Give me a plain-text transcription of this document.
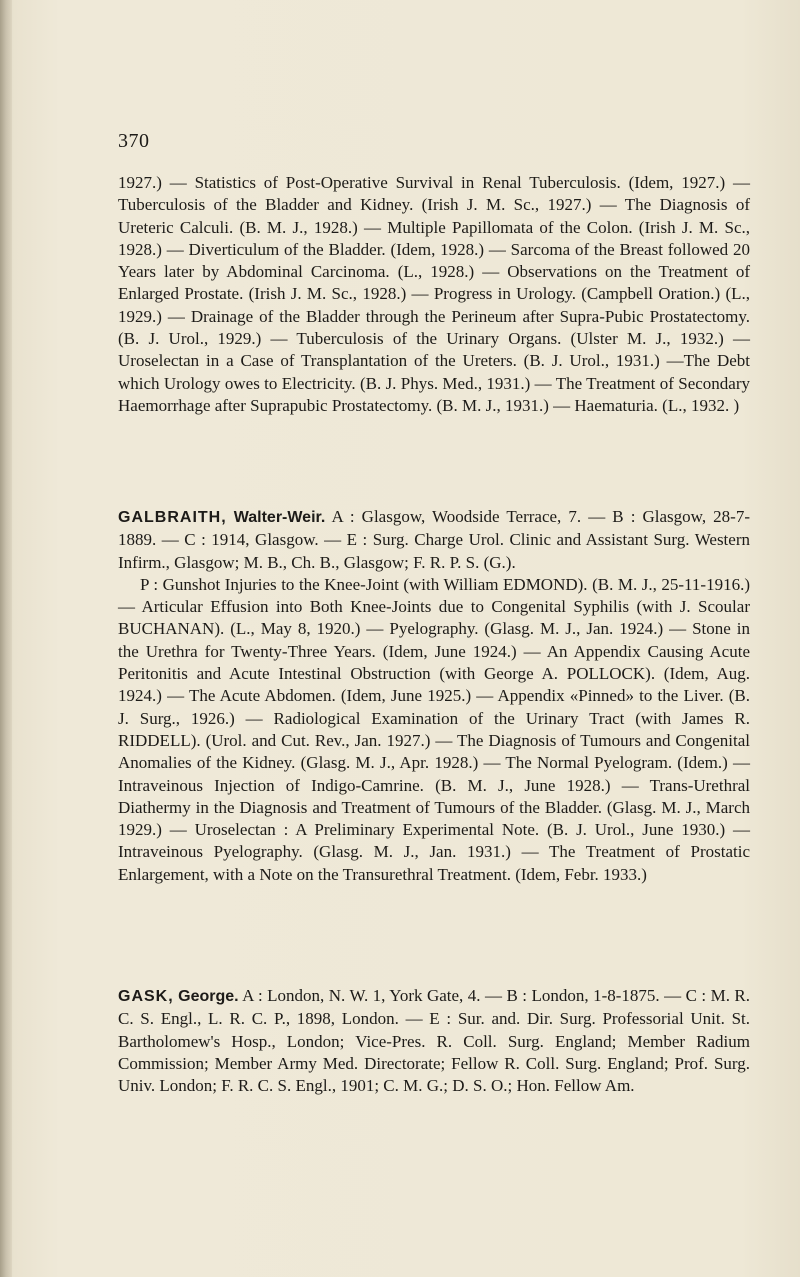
370

1927.) — Statistics of Post-Operative Survival in Renal Tuberculosis. (Idem, 1927.) — Tuberculosis of the Bladder and Kidney. (Irish J. M. Sc., 1927.) — The Diagnosis of Ureteric Calculi. (B. M. J., 1928.) — Multiple Papillomata of the Colon. (Irish J. M. Sc., 1928.) — Diverticulum of the Bladder. (Idem, 1928.) — Sarcoma of the Breast followed 20 Years later by Abdominal Carcinoma. (L., 1928.) — Observations on the Treatment of Enlarged Prostate. (Irish J. M. Sc., 1928.) — Progress in Urology. (Campbell Oration.) (L., 1929.) — Drainage of the Bladder through the Perineum after Supra-Pubic Prostatectomy. (B. J. Urol., 1929.) — Tuberculosis of the Urinary Organs. (Ulster M. J., 1932.) —Uroselectan in a Case of Transplantation of the Ureters. (B. J. Urol., 1931.) —The Debt which Urology owes to Electricity. (B. J. Phys. Med., 1931.) — The Treatment of Secondary Haemorrhage after Suprapubic Prostatectomy. (B. M. J., 1931.) — Haematuria. (L., 1932. )

GALBRAITH, Walter-Weir. A : Glasgow, Woodside Terrace, 7. — B : Glasgow, 28-7-1889. — C : 1914, Glasgow. — E : Surg. Charge Urol. Clinic and Assistant Surg. Western Infirm., Glasgow; M. B., Ch. B., Glasgow; F. R. P. S. (G.).

P : Gunshot Injuries to the Knee-Joint (with William EDMOND). (B. M. J., 25-11-1916.) — Articular Effusion into Both Knee-Joints due to Congenital Syphilis (with J. Scoular BUCHANAN). (L., May 8, 1920.) — Pyelography. (Glasg. M. J., Jan. 1924.) — Stone in the Urethra for Twenty-Three Years. (Idem, June 1924.) — An Appendix Causing Acute Peritonitis and Acute Intestinal Obstruction (with George A. POLLOCK). (Idem, Aug. 1924.) — The Acute Abdomen. (Idem, June 1925.) — Appendix «Pinned» to the Liver. (B. J. Surg., 1926.) — Radiological Examination of the Urinary Tract (with James R. RIDDELL). (Urol. and Cut. Rev., Jan. 1927.) — The Diagnosis of Tumours and Congenital Anomalies of the Kidney. (Glasg. M. J., Apr. 1928.) — The Normal Pyelogram. (Idem.) — Intraveinous Injection of Indigo-Camrine. (B. M. J., June 1928.) — Trans-Urethral Diathermy in the Diagnosis and Treatment of Tumours of the Bladder. (Glasg. M. J., March 1929.) — Uroselectan : A Preliminary Experimental Note. (B. J. Urol., June 1930.) — Intraveinous Pyelography. (Glasg. M. J., Jan. 1931.) — The Treatment of Prostatic Enlargement, with a Note on the Transurethral Treatment. (Idem, Febr. 1933.)

GASK, George. A : London, N. W. 1, York Gate, 4. — B : London, 1-8-1875. — C : M. R. C. S. Engl., L. R. C. P., 1898, London. — E : Sur. and. Dir. Surg. Professorial Unit. St. Bartholomew's Hosp., London; Vice-Pres. R. Coll. Surg. England; Member Radium Commission; Member Army Med. Directorate; Fellow R. Coll. Surg. England; Prof. Surg. Univ. London; F. R. C. S. Engl., 1901; C. M. G.; D. S. O.; Hon. Fellow Am.
